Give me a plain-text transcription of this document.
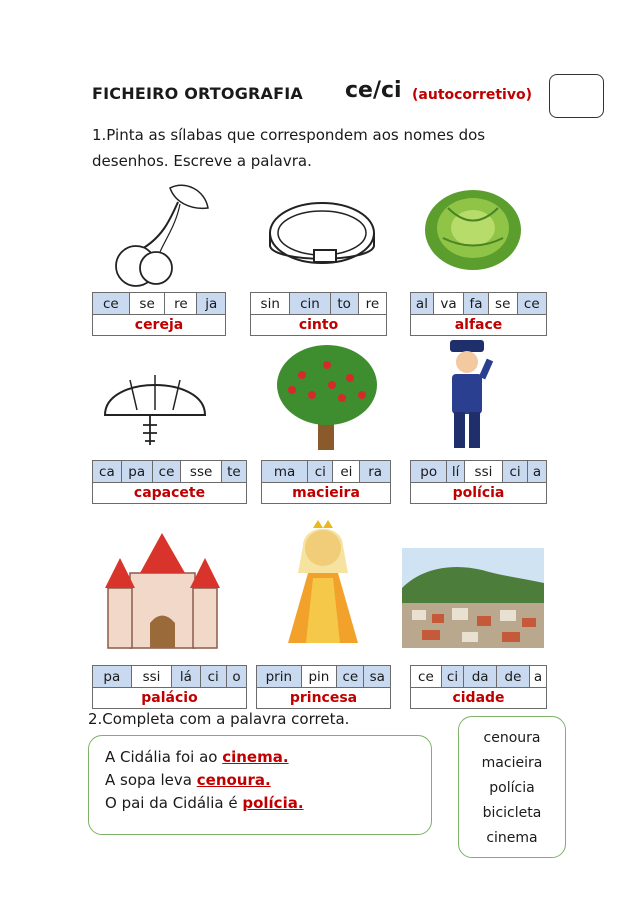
FICHEIRO ORTOGRAFIA ce/ci (autocorretivo)
1.Pinta as sílabas que correspondem aos nomes dos
desenhos. Escreve a palavra.
2.Completa com a palavra correta.
A Cidália foi ao cinema.
A sopa leva cenoura.
O pai da Cidália é polícia.
cenoura
macieira
polícia
bicicleta
cinema
ce	se	re	ja
cereja
sin	cin	to	re
cinto
al	va	fa	se	ce
alface
ca	pa	ce	sse	te
capacete
ma	ci	ei	ra
macieira
po	lí	ssi	ci	a
polícia
pa	ssi	lá	ci	o
palácio
prin	pin	ce	sa
princesa
ce	ci	da	de	a
cidade
